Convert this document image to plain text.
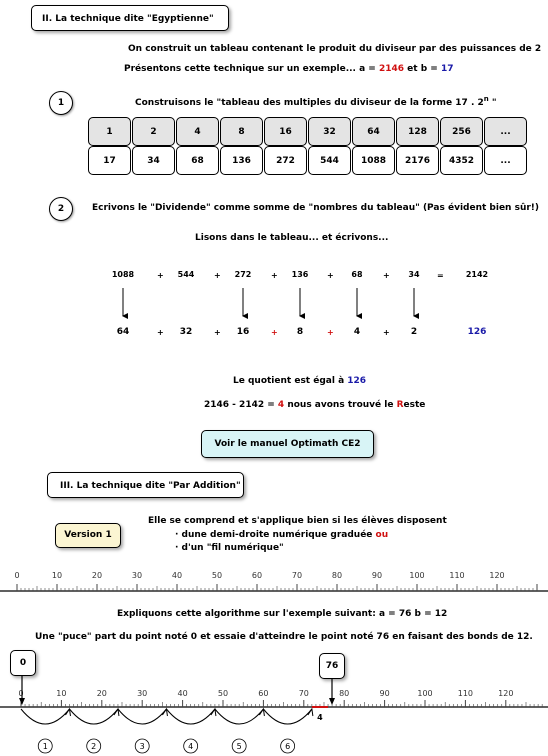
II. La technique dite "Egyptienne"
On construit un tableau contenant le produit du diviseur par des puissances de 2
Présentons cette technique sur un exemple... a = 2146 et b = 17
1	Construisons le "tableau des multiples du diviseur de la forme 17 . 2$^n$ "
1	2	4	8	16	32	64	128	256	...
17	34	68	136	272	544	1088	2176	4352	...
2	Ecrivons le "Dividende" comme somme de "nombres du tableau" (Pas évident bien sûr!)
Lisons dans le tableau... et écrivons...
1088	+	544	+	272	+	136	+	68	+	34	=	2142
64	+	32	+	16	+	8	+	4	+	2	126
0	10	20	30	40	50	60	70	80	90	100	110	120
0	10	20	30	40	50	60	70	80	90	100	110	120
4
1	2	3	4	5	6
Le quotient est égal à 126
2146 - 2142 = 4 nous avons trouvé le Reste
Voir le manuel Optimath CE2
III. La technique dite "Par Addition"
Version 1
Elle se comprend et s'applique bien si les élèves disposent
· dune demi-droite numérique graduée ou
· d'un "fil numérique"
Expliquons cette algorithme sur l'exemple suivant: a = 76 b = 12
Une "puce" part du point noté 0 et essaie d'atteindre le point noté 76 en faisant des bonds de 12.
0	76
